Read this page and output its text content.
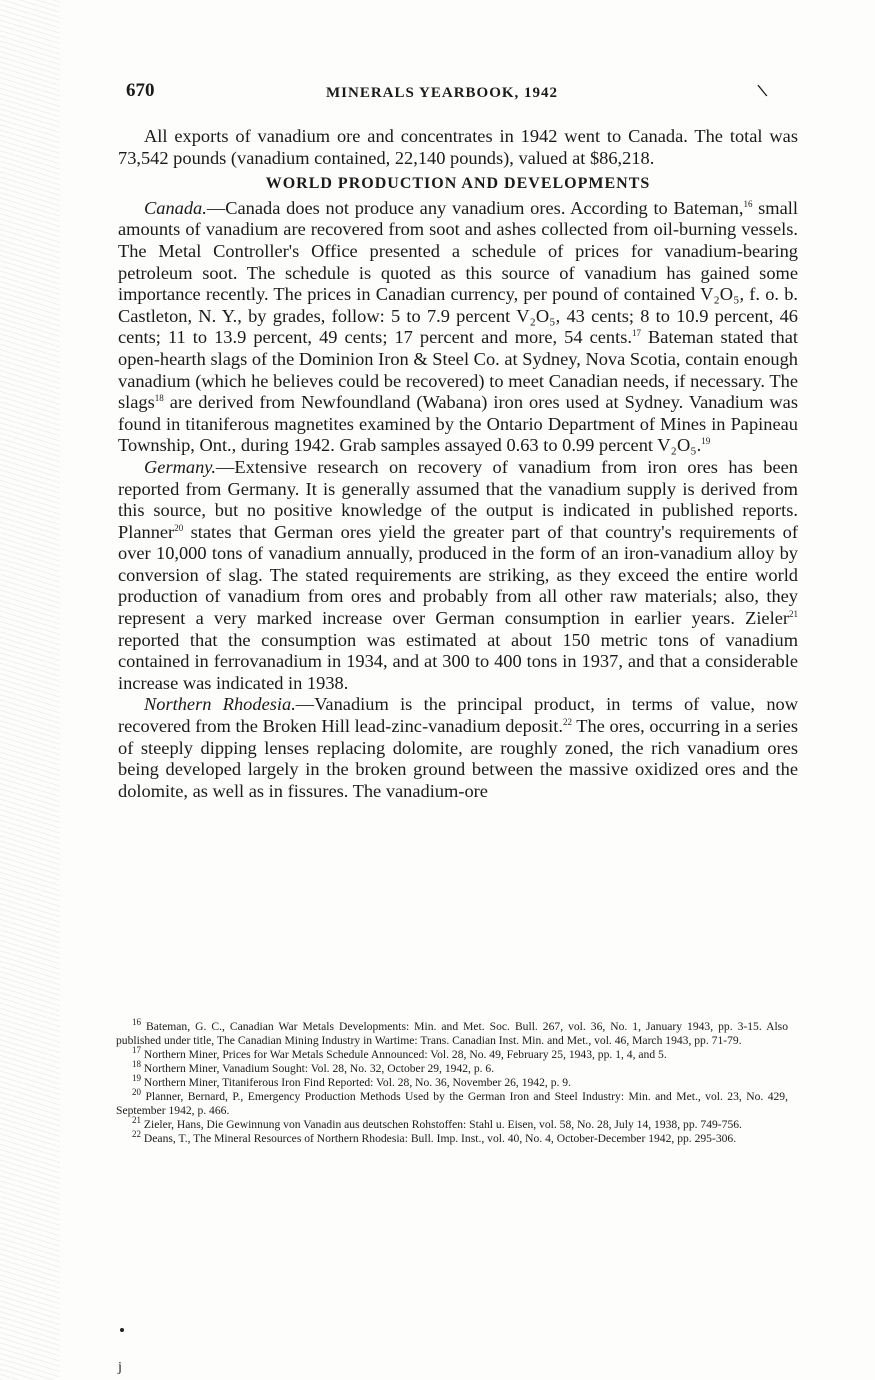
670	MINERALS YEARBOOK, 1942	\

All exports of vanadium ore and concentrates in 1942 went to Canada. The total was 73,542 pounds (vanadium contained, 22,140 pounds), valued at $86,218.

WORLD PRODUCTION AND DEVELOPMENTS

Canada.—Canada does not produce any vanadium ores. According to Bateman,$^{16}$ small amounts of vanadium are recovered from soot and ashes collected from oil-burning vessels. The Metal Controller's Office presented a schedule of prices for vanadium-bearing petroleum soot. The schedule is quoted as this source of vanadium has gained some importance recently. The prices in Canadian currency, per pound of contained V₂O₅, f. o. b. Castleton, N. Y., by grades, follow: 5 to 7.9 percent V₂O₅, 43 cents; 8 to 10.9 percent, 46 cents; 11 to 13.9 percent, 49 cents; 17 percent and more, 54 cents.$^{17}$ Bateman stated that open-hearth slags of the Dominion Iron & Steel Co. at Sydney, Nova Scotia, contain enough vanadium (which he believes could be recovered) to meet Canadian needs, if necessary. The slags$^{18}$ are derived from Newfoundland (Wabana) iron ores used at Sydney. Vanadium was found in titaniferous magnetites examined by the Ontario Department of Mines in Papineau Township, Ont., during 1942. Grab samples assayed 0.63 to 0.99 percent V₂O₅.$^{19}$

Germany.—Extensive research on recovery of vanadium from iron ores has been reported from Germany. It is generally assumed that the vanadium supply is derived from this source, but no positive knowledge of the output is indicated in published reports. Planner$^{20}$ states that German ores yield the greater part of that country's requirements of over 10,000 tons of vanadium annually, produced in the form of an iron-vanadium alloy by conversion of slag. The stated requirements are striking, as they exceed the entire world production of vanadium from ores and probably from all other raw materials; also, they represent a very marked increase over German consumption in earlier years. Zieler$^{21}$ reported that the consumption was estimated at about 150 metric tons of vanadium contained in ferrovanadium in 1934, and at 300 to 400 tons in 1937, and that a considerable increase was indicated in 1938.

Northern Rhodesia.—Vanadium is the principal product, in terms of value, now recovered from the Broken Hill lead-zinc-vanadium deposit.$^{22}$ The ores, occurring in a series of steeply dipping lenses replacing dolomite, are roughly zoned, the rich vanadium ores being developed largely in the broken ground between the massive oxidized ores and the dolomite, as well as in fissures. The vanadium-ore

$^{16}$ Bateman, G. C., Canadian War Metals Developments: Min. and Met. Soc. Bull. 267, vol. 36, No. 1, January 1943, pp. 3-15. Also published under title, The Canadian Mining Industry in Wartime: Trans. Canadian Inst. Min. and Met., vol. 46, March 1943, pp. 71-79.

$^{17}$ Northern Miner, Prices for War Metals Schedule Announced: Vol. 28, No. 49, February 25, 1943, pp. 1, 4, and 5.

$^{18}$ Northern Miner, Vanadium Sought: Vol. 28, No. 32, October 29, 1942, p. 6.

$^{19}$ Northern Miner, Titaniferous Iron Find Reported: Vol. 28, No. 36, November 26, 1942, p. 9.

$^{20}$ Planner, Bernard, P., Emergency Production Methods Used by the German Iron and Steel Industry: Min. and Met., vol. 23, No. 429, September 1942, p. 466.

$^{21}$ Zieler, Hans, Die Gewinnung von Vanadin aus deutschen Rohstoffen: Stahl u. Eisen, vol. 58, No. 28, July 14, 1938, pp. 749-756.

$^{22}$ Deans, T., The Mineral Resources of Northern Rhodesia: Bull. Imp. Inst., vol. 40, No. 4, October-December 1942, pp. 295-306.

j
